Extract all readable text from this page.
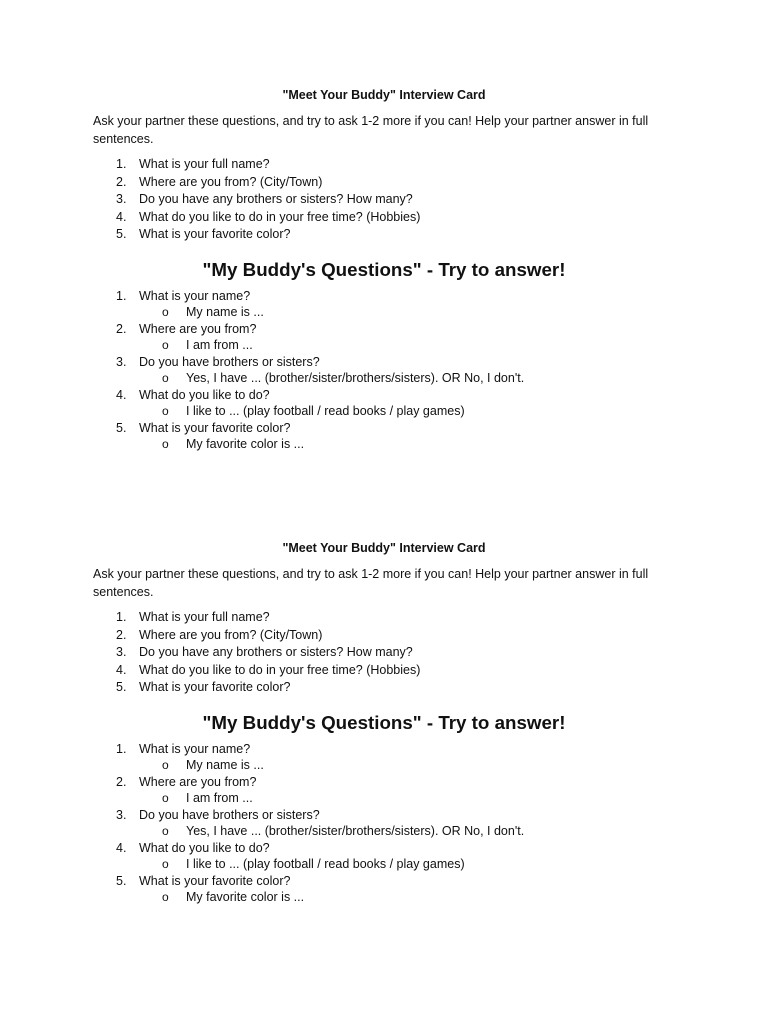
"Meet Your Buddy" Interview Card

Ask your partner these questions, and try to ask 1-2 more if you can! Help your partner answer in full sentences.

1. What is your full name?
2. Where are you from? (City/Town)
3. Do you have any brothers or sisters? How many?
4. What do you like to do in your free time? (Hobbies)
5. What is your favorite color?
"My Buddy's Questions" - Try to answer!
1. What is your name?
o My name is ...
2. Where are you from?
o I am from ...
3. Do you have brothers or sisters?
o Yes, I have ... (brother/sister/brothers/sisters). OR No, I don't.
4. What do you like to do?
o I like to ... (play football / read books / play games)
5. What is your favorite color?
o My favorite color is ...
"Meet Your Buddy" Interview Card

Ask your partner these questions, and try to ask 1-2 more if you can! Help your partner answer in full sentences.

1. What is your full name?
2. Where are you from? (City/Town)
3. Do you have any brothers or sisters? How many?
4. What do you like to do in your free time? (Hobbies)
5. What is your favorite color?
"My Buddy's Questions" - Try to answer!
1. What is your name?
o My name is ...
2. Where are you from?
o I am from ...
3. Do you have brothers or sisters?
o Yes, I have ... (brother/sister/brothers/sisters). OR No, I don't.
4. What do you like to do?
o I like to ... (play football / read books / play games)
5. What is your favorite color?
o My favorite color is ...
